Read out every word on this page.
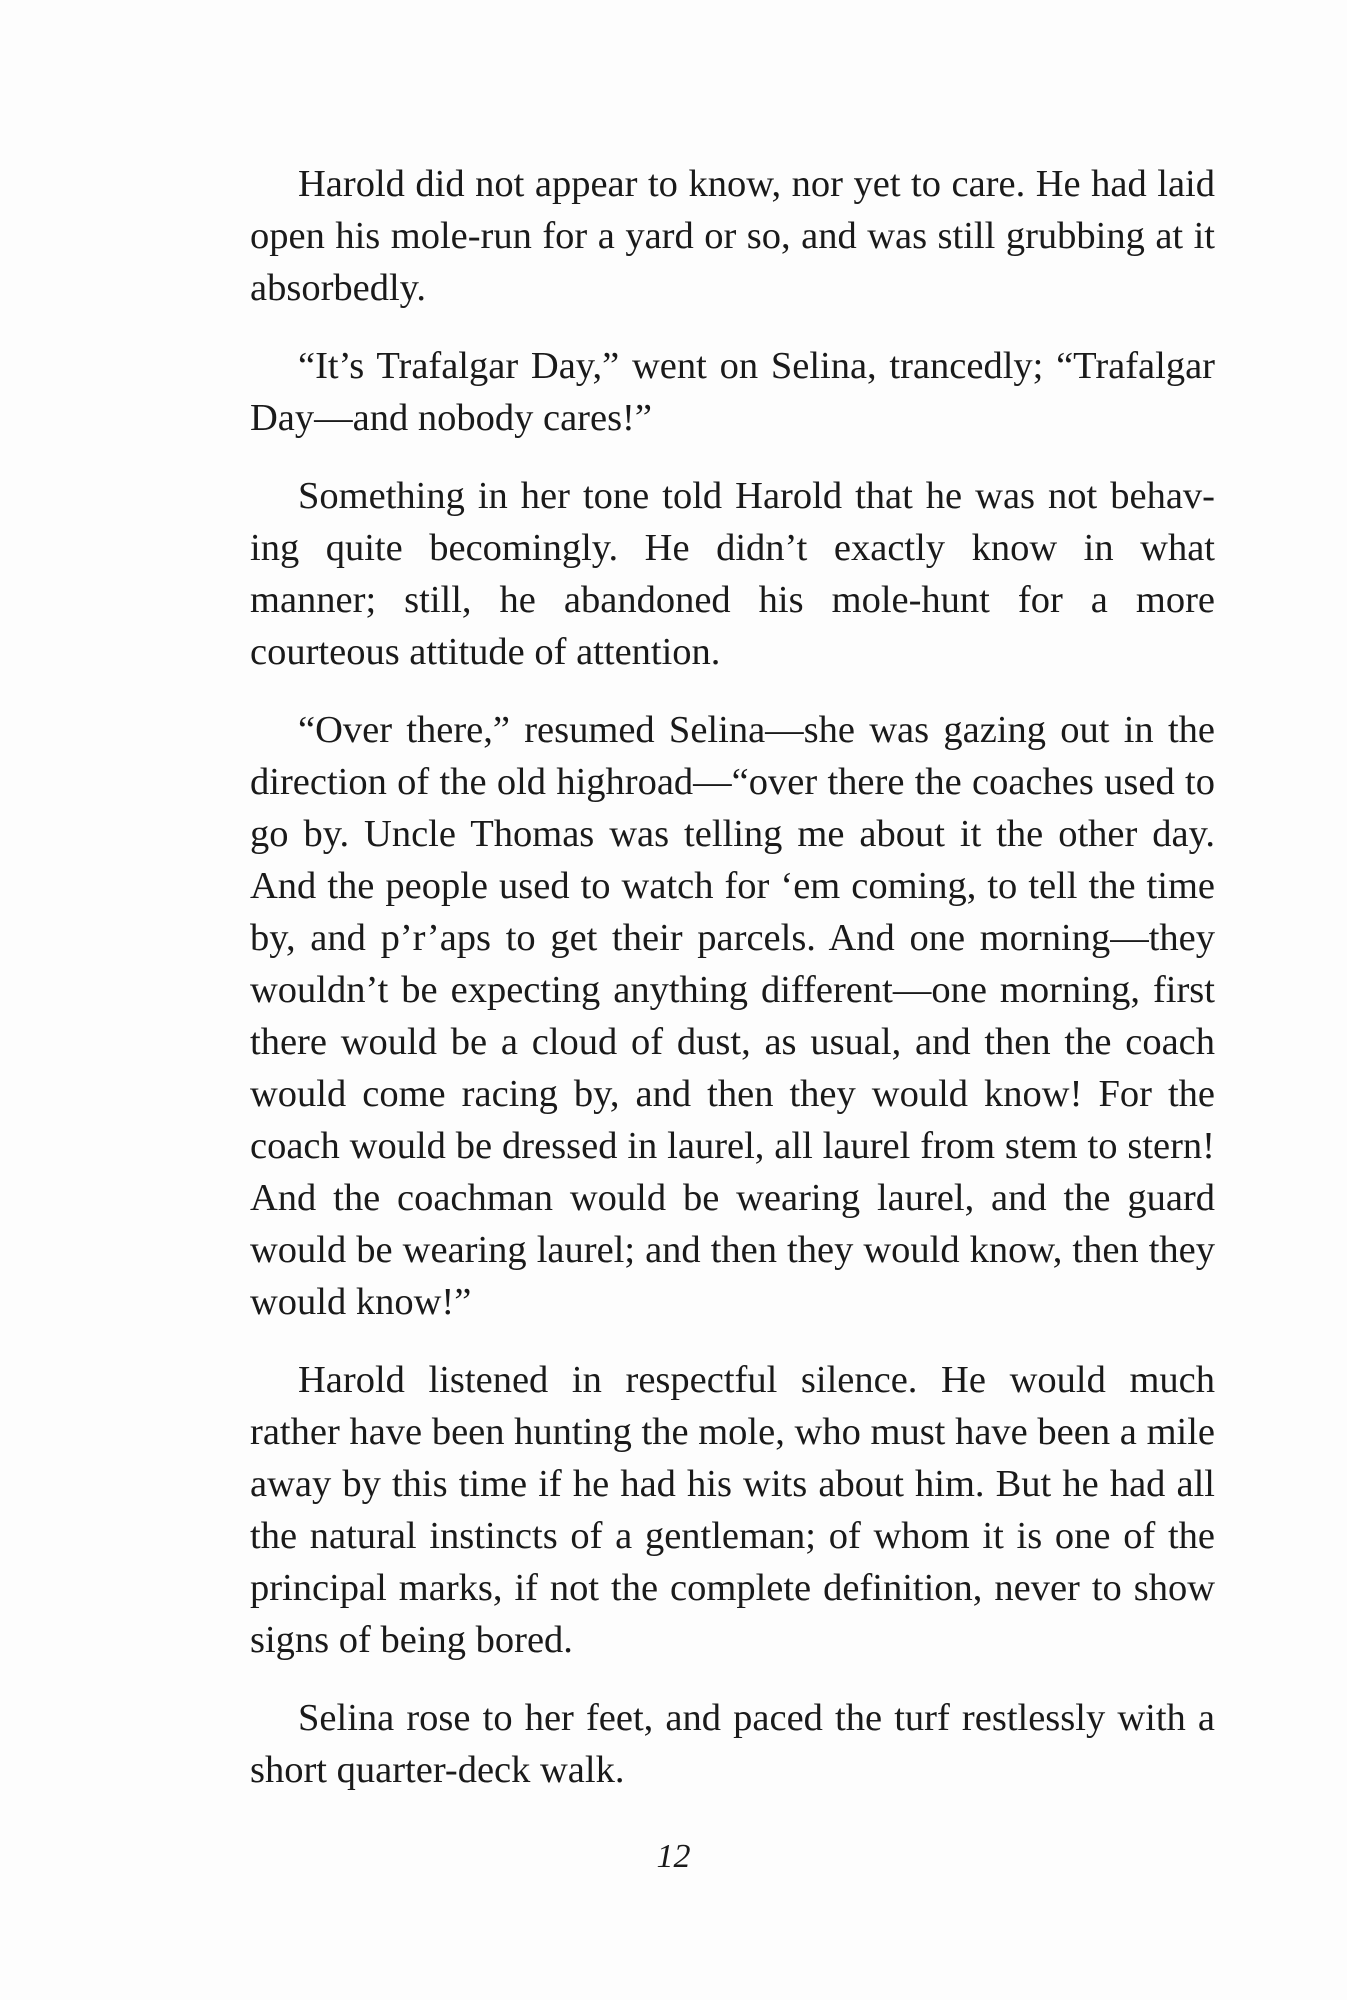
Harold did not appear to know, nor yet to care. He had laid open his mole-run for a yard or so, and was still grubbing at it absorbedly.

“It’s Trafalgar Day,” went on Selina, trancedly; “Trafalgar Day—and nobody cares!”

Something in her tone told Harold that he was not behaving quite becomingly. He didn’t exactly know in what manner; still, he abandoned his mole-hunt for a more courteous attitude of attention.

“Over there,” resumed Selina—she was gazing out in the direction of the old highroad—“over there the coaches used to go by. Uncle Thomas was telling me about it the other day. And the people used to watch for ‘em coming, to tell the time by, and p’r’aps to get their parcels. And one morning—they wouldn’t be expecting anything different—one morning, first there would be a cloud of dust, as usual, and then the coach would come racing by, and then they would know! For the coach would be dressed in laurel, all laurel from stem to stern! And the coachman would be wearing laurel, and the guard would be wearing laurel; and then they would know, then they would know!”

Harold listened in respectful silence. He would much rather have been hunting the mole, who must have been a mile away by this time if he had his wits about him. But he had all the natural instincts of a gentleman; of whom it is one of the principal marks, if not the complete definition, never to show signs of being bored.

Selina rose to her feet, and paced the turf restlessly with a short quarter-deck walk.

12
